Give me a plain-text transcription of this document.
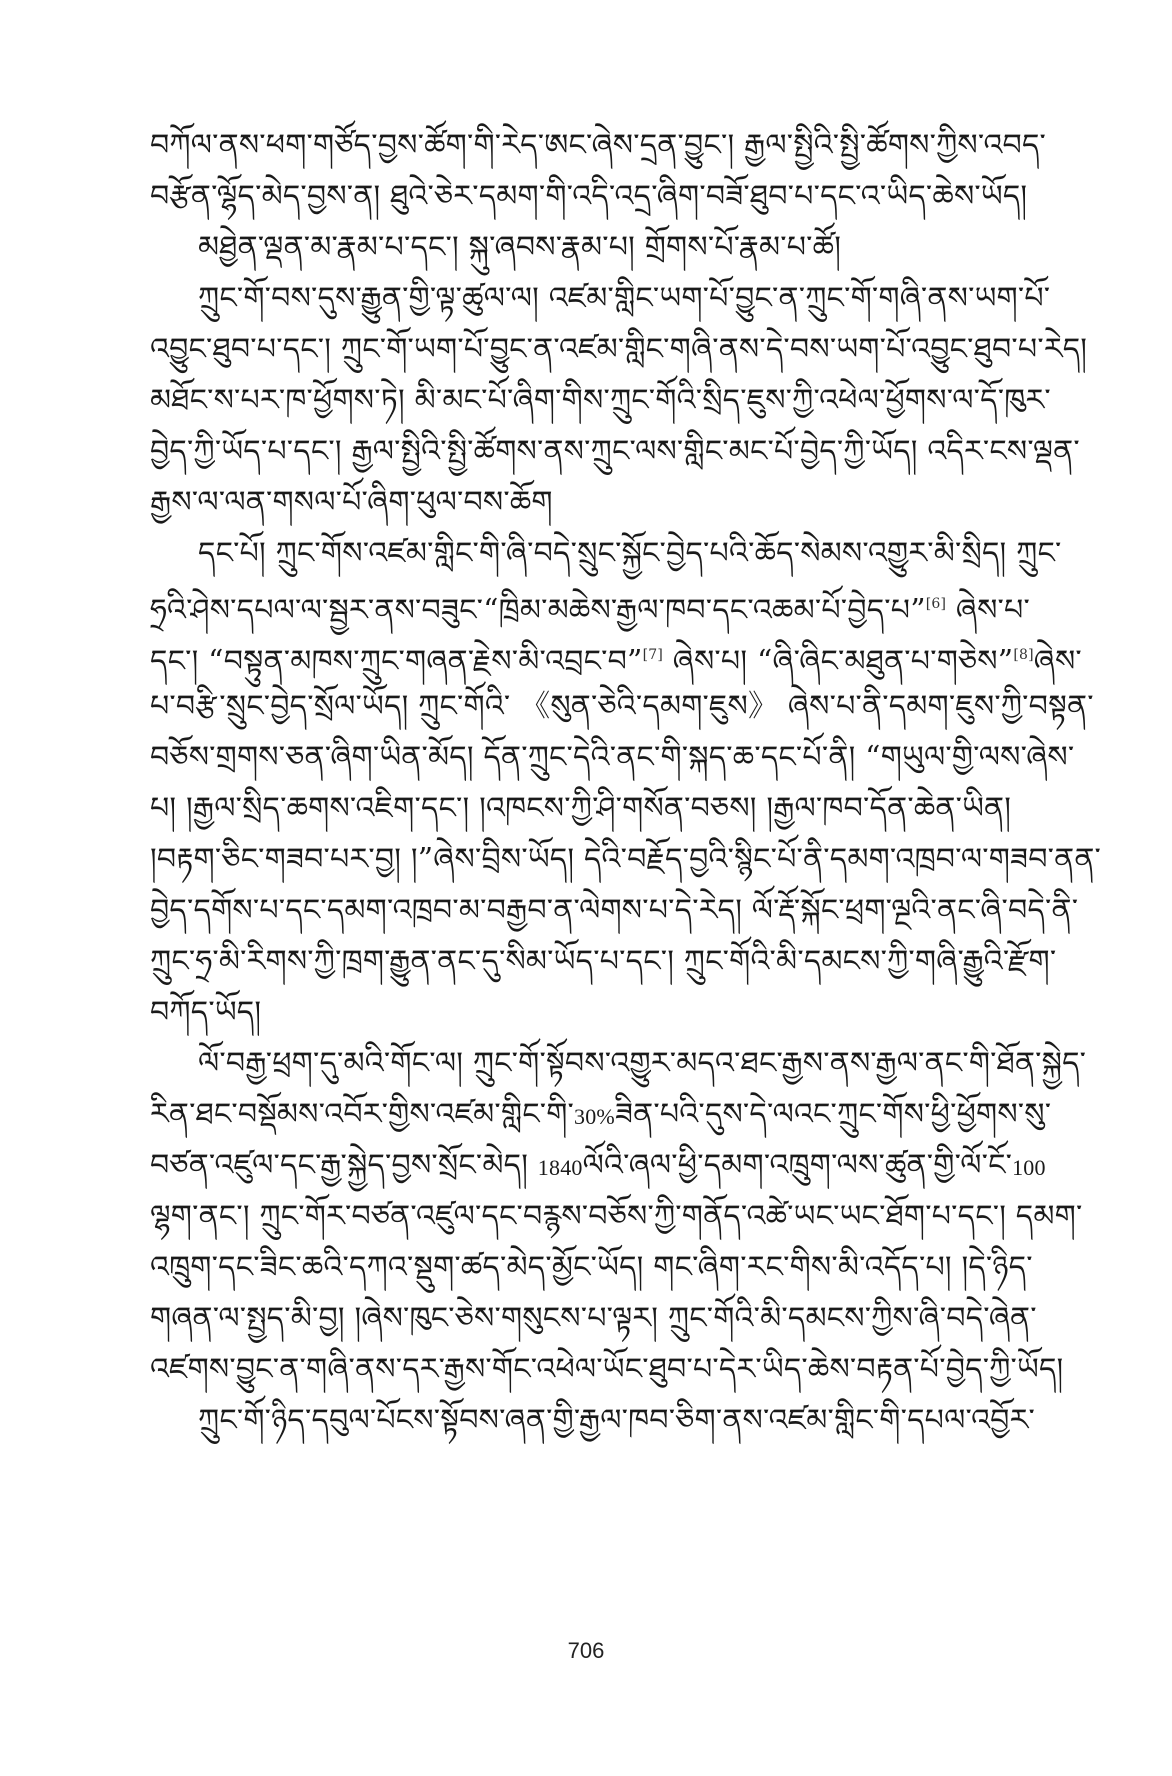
བཀོལ་ནས་ཕག་གཙོད་བྱས་ཚོག་གི་རེད་ཨང་ཞེས་དྲན་བྱུང་། རྒྱལ་སྤྱིའི་སྤྱི་ཚོགས་ཀྱིས་འབད་
བརྩོན་ལྷོད་མེད་བྱས་ན། ཐུའེ་ཅེར་དམག་གི་འདི་འདྲ་ཞིག་བཟོ་ཐུབ་པ་དང་འ་ཡིད་ཆེས་ཡོད།
མཐྱེན་ལྡན་མ་རྣམ་པ་དང་། སྐུ་ཞབས་རྣམ་པ། གྲོགས་པོ་རྣམ་པ་ཚོ།
ཀྲུང་གོ་བས་དུས་རྒྱུན་གྱི་ལྟ་ཚུལ་ལ། འཛམ་གླིང་ཡག་པོ་བྱུང་ན་ཀྲུང་གོ་གཞི་ནས་ཡག་པོ་
འབྱུང་ཐུབ་པ་དང་། ཀྲུང་གོ་ཡག་པོ་བྱུང་ན་འཛམ་གླིང་གཞི་ནས་དེ་བས་ཡག་པོ་འབྱུང་ཐུབ་པ་རེད།
མཐོང་ས་པར་ཁ་ཕྱོགས་ཏེ། མི་མང་པོ་ཞིག་གིས་ཀྲུང་གོའི་སྲིད་ཇུས་ཀྱི་འཕེལ་ཕྱོགས་ལ་དོ་ཁུར་
བྱེད་ཀྱི་ཡོད་པ་དང་། རྒྱལ་སྤྱིའི་སྤྱི་ཚོགས་ནས་ཀྲུང་ལས་གླིང་མང་པོ་བྱེད་ཀྱི་ཡོད། འདིར་ངས་ལྡན་
རྒྱས་ལ་ལན་གསལ་པོ་ཞིག་ཕུལ་བས་ཆོག
དང་པོ། ཀྲུང་གོས་འཛམ་གླིང་གི་ཞི་བདེ་སྲུང་སྐྱོང་བྱེད་པའི་ཆོད་སེམས་འགྱུར་མི་སྲིད། ཀྲུང་
ཧྲའི་ཤེས་དཔལ་ལ་སྦྱར་ནས་བཟུང་“ཁྲིམ་མཆེས་རྒྱལ་ཁབ་དང་འཆམ་པོ་བྱེད་པ”[6] ཞེས་པ་
དང་། “བསྟུན་མཁས་ཀྲུང་གཞན་རྗེས་མི་འབྲང་བ”[7] ཞེས་པ། “ཞི་ཞིང་མཐུན་པ་གཅེས”[8]ཞེས་
པ་བརྩི་སྲུང་བྱེད་སྲོལ་ཡོད། ཀྲུང་གོའི་ 《སུན་ཅེའི་དམག་ཇུས》 ཞེས་པ་ནི་དམག་ཇུས་ཀྱི་བསྟན་
བཅོས་གྲགས་ཅན་ཞིག་ཡིན་མོད། དོན་ཀྲུང་དེའི་ནང་གི་སྐད་ཆ་དང་པོ་ནི། “གཡུལ་གྱི་ལས་ཞེས་
པ། །རྒྱལ་སྲིད་ཆགས་འཇིག་དང་། །འཁངས་ཀྱི་ཤི་གསོན་བཅས། །རྒྱལ་ཁབ་དོན་ཆེན་ཡིན།
།བརྟག་ཅིང་གཟབ་པར་བྱ། །”ཞེས་བྲིས་ཡོད། དེའི་བརྗོད་བྱའི་སྙིང་པོ་ནི་དམག་འཁྲབ་ལ་གཟབ་ནན་
བྱེད་དགོས་པ་དང་དམག་འཁྲབ་མ་བརྒྱབ་ན་ལེགས་པ་དེ་རེད། ལོ་རྡོ་སྐོང་ཕྲག་ལྔའི་ནང་ཞི་བདེ་ནི་
ཀྲུང་ཧྲ་མི་རིགས་ཀྱི་ཁྲག་རྒྱུན་ནང་དུ་སིམ་ཡོད་པ་དང་། ཀྲུང་གོའི་མི་དམངས་ཀྱི་གཞི་རྒྱུའི་རྫོག་
བཀོད་ཡོད།
ལོ་བརྒྱ་ཕྲག་དུ་མའི་གོང་ལ། ཀྲུང་གོ་སྟོབས་འགྱུར་མདའ་ཐང་རྒྱས་ནས་རྒྱལ་ནང་གི་ཐོན་སྐྱེད་
རིན་ཐང་བསྡོམས་འབོར་གྱིས་འཛམ་གླིང་གི་30%ཟིན་པའི་དུས་དེ་ལའང་ཀྲུང་གོས་ཕྱི་ཕྱོགས་སུ་
བཙན་འཛུལ་དང་རྒྱ་སྐྱེད་བྱས་སྲོང་མེད། 1840ལོའི་ཞལ་ཕྱི་དམག་འཁྲུག་ལས་ཚུན་གྱི་ལོ་ངོ་100
ལྷག་ནང་། ཀྲུང་གོར་བཙན་འཛུལ་དང་བརྙས་བཅོས་ཀྱི་གནོད་འཚེ་ཡང་ཡང་ཐོག་པ་དང་། དམག་
འཁྲུག་དང་ཟིང་ཆའི་དཀའ་སྡུག་ཚད་མེད་མྱོང་ཡོད། གང་ཞིག་རང་གིས་མི་འདོད་པ། །དེ་ཉིད་
གཞན་ལ་སྤྱད་མི་བྱ། །ཞེས་ཁུང་ཅེས་གསུངས་པ་ལྟར། ཀྲུང་གོའི་མི་དམངས་ཀྱིས་ཞི་བདེ་ཞེན་
འཛགས་བྱུང་ན་གཞི་ནས་དར་རྒྱས་གོང་འཕེལ་ཡོང་ཐུབ་པ་དེར་ཡིད་ཆེས་བརྟན་པོ་བྱེད་ཀྱི་ཡོད།
ཀྲུང་གོ་ཉིད་དབུལ་པོངས་སྟོབས་ཞན་གྱི་རྒྱལ་ཁབ་ཅིག་ནས་འཛམ་གླིང་གི་དཔལ་འབྱོར་
706
